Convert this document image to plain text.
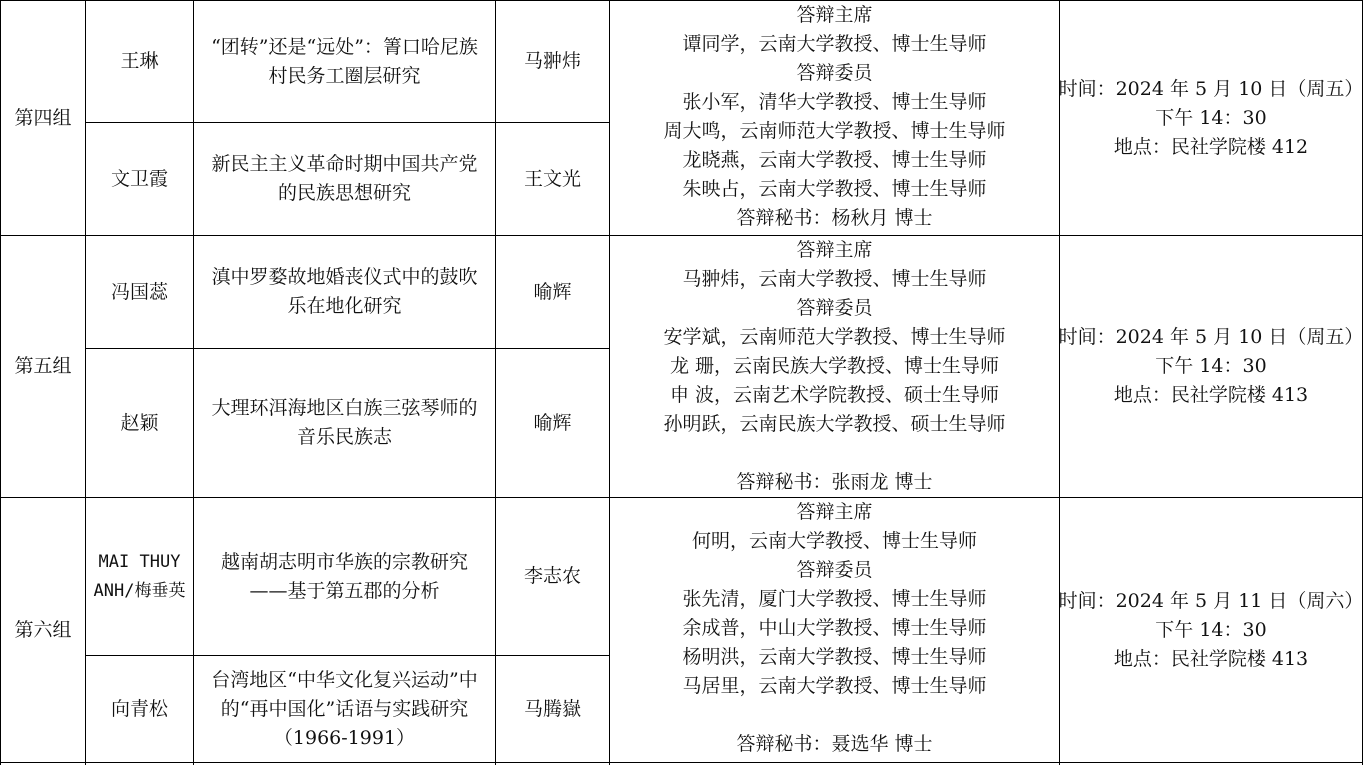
第四组
王琳
“团转”还是“远处”：箐口哈尼族村民务工圈层研究
马翀炜
文卫霞
新民主主义革命时期中国共产党的民族思想研究
王文光
答辩主席
谭同学，云南大学教授、博士生导师
答辩委员
张小军，清华大学教授、博士生导师
周大鸣，云南师范大学教授、博士生导师
龙晓燕，云南大学教授、博士生导师
朱映占，云南大学教授、博士生导师
答辩秘书：杨秋月 博士
时间：2024 年 5 月 10 日（周五）
下午 14：30
地点：民社学院楼 412
第五组
冯国蕊
滇中罗婺故地婚丧仪式中的鼓吹乐在地化研究
喻辉
赵颖
大理环洱海地区白族三弦琴师的音乐民族志
喻辉
答辩主席
马翀炜，云南大学教授、博士生导师
答辩委员
安学斌，云南师范大学教授、博士生导师
龙 珊，云南民族大学教授、博士生导师
申 波，云南艺术学院教授、硕士生导师
孙明跃，云南民族大学教授、硕士生导师
答辩秘书：张雨龙 博士
时间：2024 年 5 月 10 日（周五）
下午 14：30
地点：民社学院楼 413
第六组
MAI THUY ANH/梅垂英
越南胡志明市华族的宗教研究——基于第五郡的分析
李志农
向青松
台湾地区“中华文化复兴运动”中的“再中国化”话语与实践研究（1966-1991）
马腾嶽
答辩主席
何明，云南大学教授、博士生导师
答辩委员
张先清，厦门大学教授、博士生导师
余成普，中山大学教授、博士生导师
杨明洪，云南大学教授、博士生导师
马居里，云南大学教授、博士生导师
答辩秘书：聂选华 博士
时间：2024 年 5 月 11 日（周六）
下午 14：30
地点：民社学院楼 413
